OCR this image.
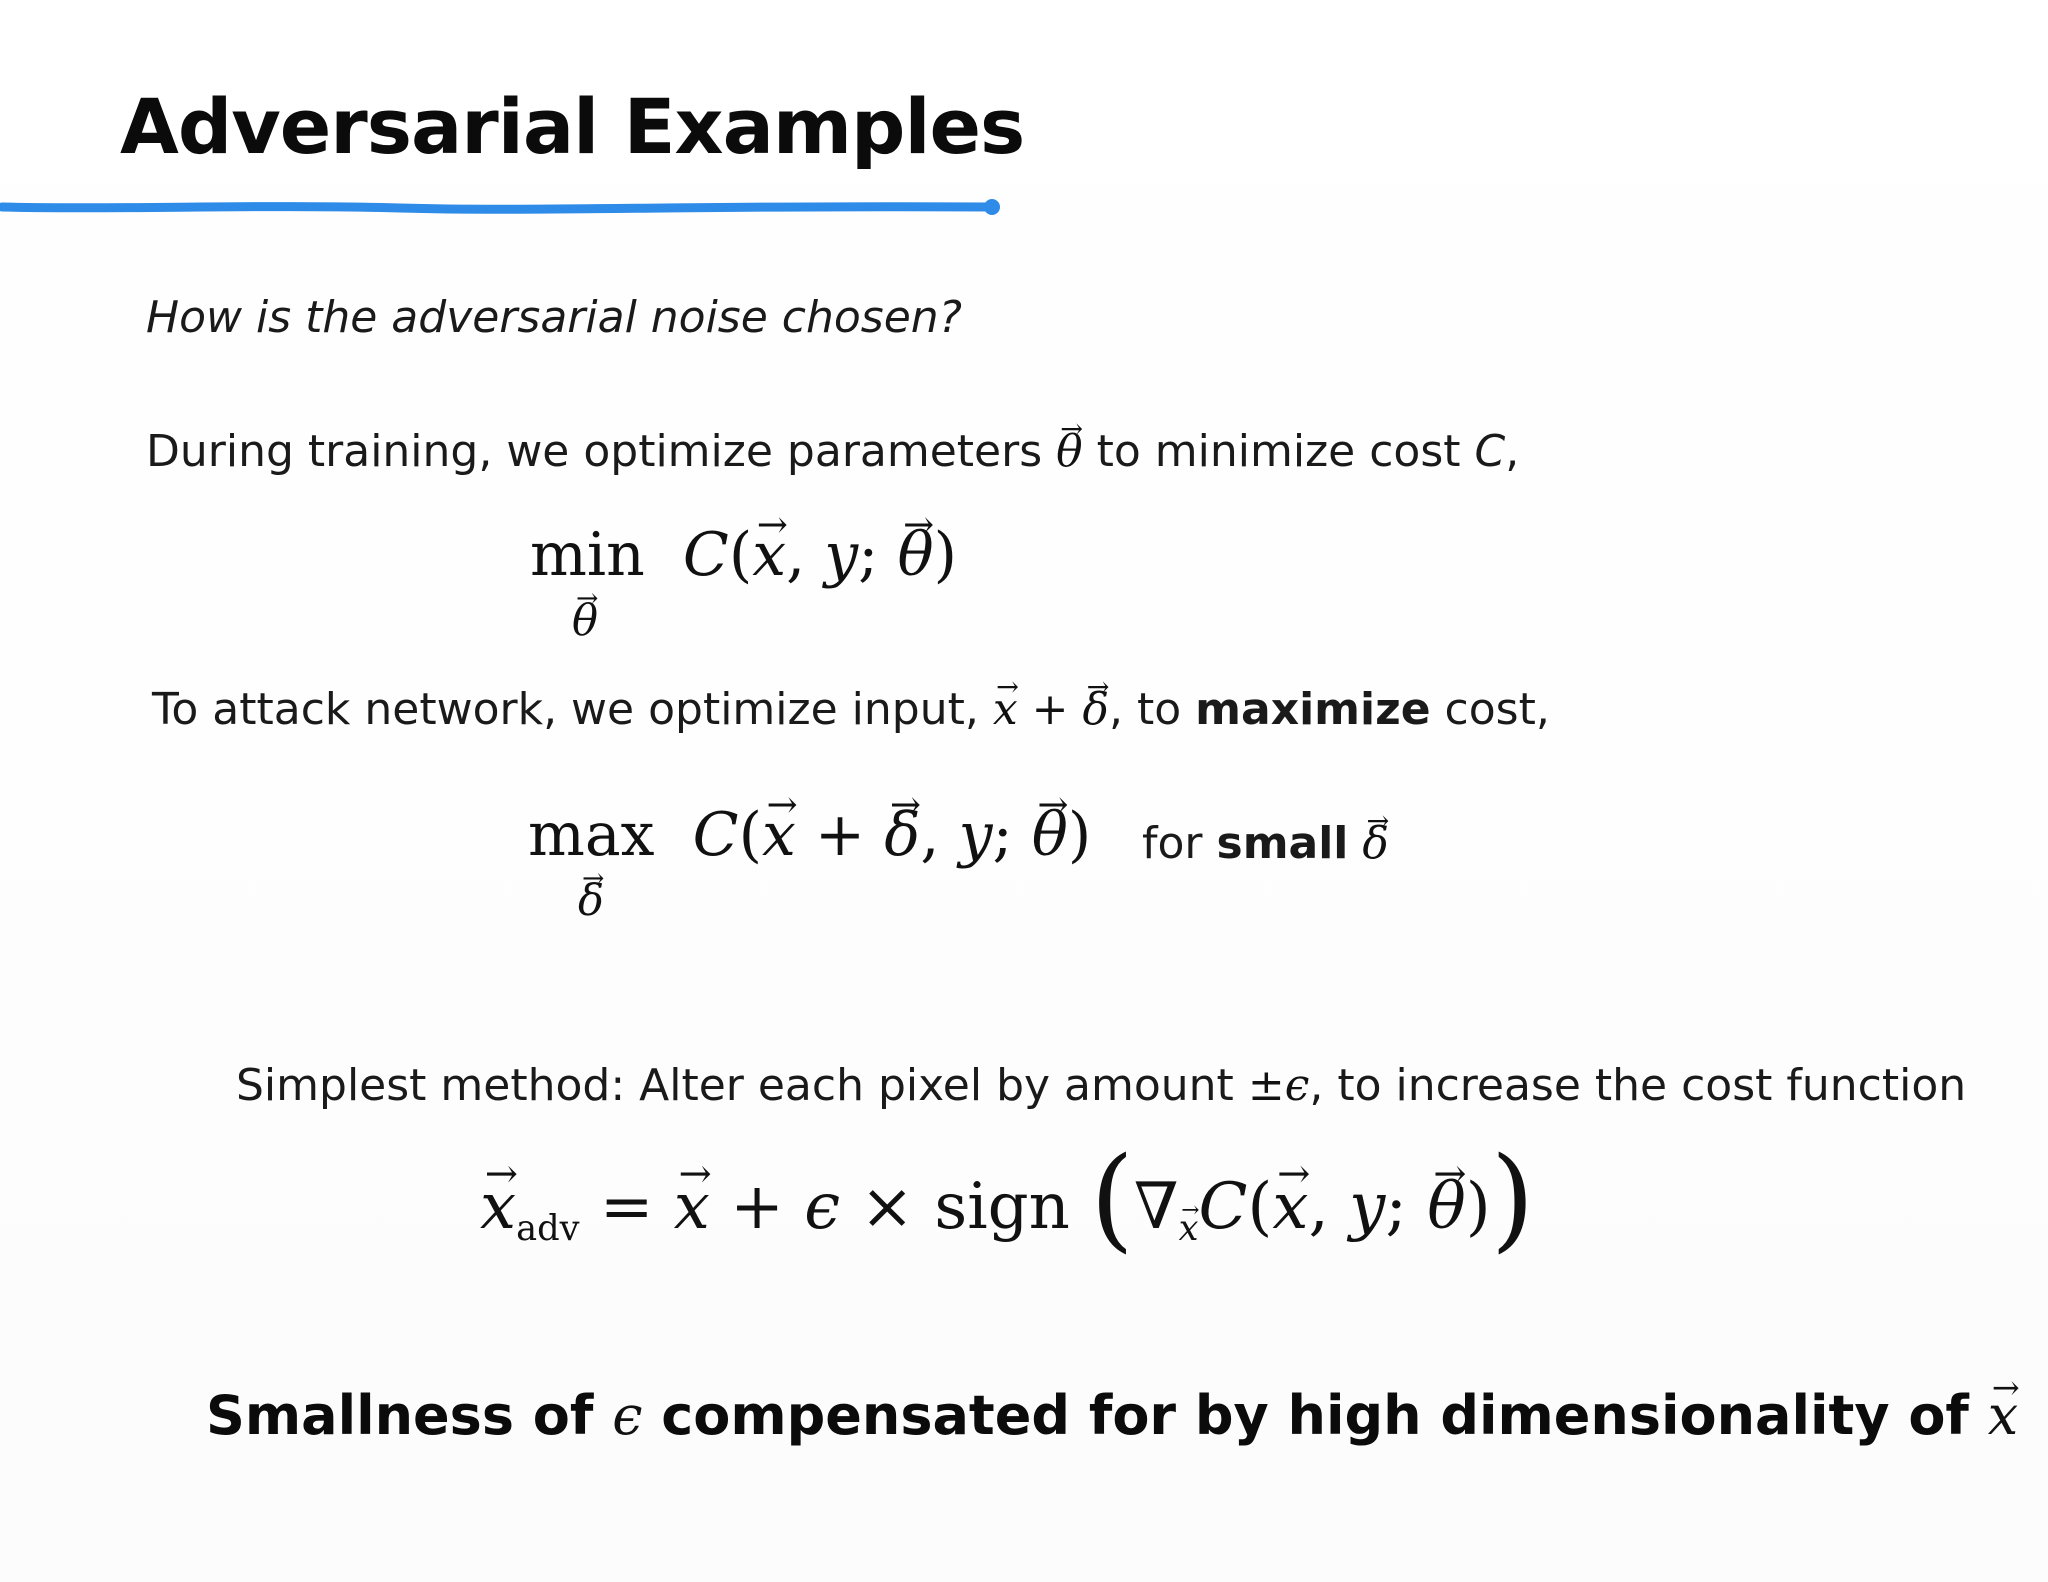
Adversarial Examples
How is the adversarial noise chosen?
During training, we optimize parameters → θ to minimize cost C,
min
→ θ
C(→ x, y; → θ)
To attack network, we optimize input, → x + → δ, to maximize cost,
max
→ δ
C(→ x + → δ, y; → θ) for small → δ
Simplest method: Alter each pixel by amount ±ϵ, to increase the cost function
→ xadv = → x + ϵ × sign (∇→ xC(→ x, y; → θ))
Smallness of ϵ compensated for by high dimensionality of → x
